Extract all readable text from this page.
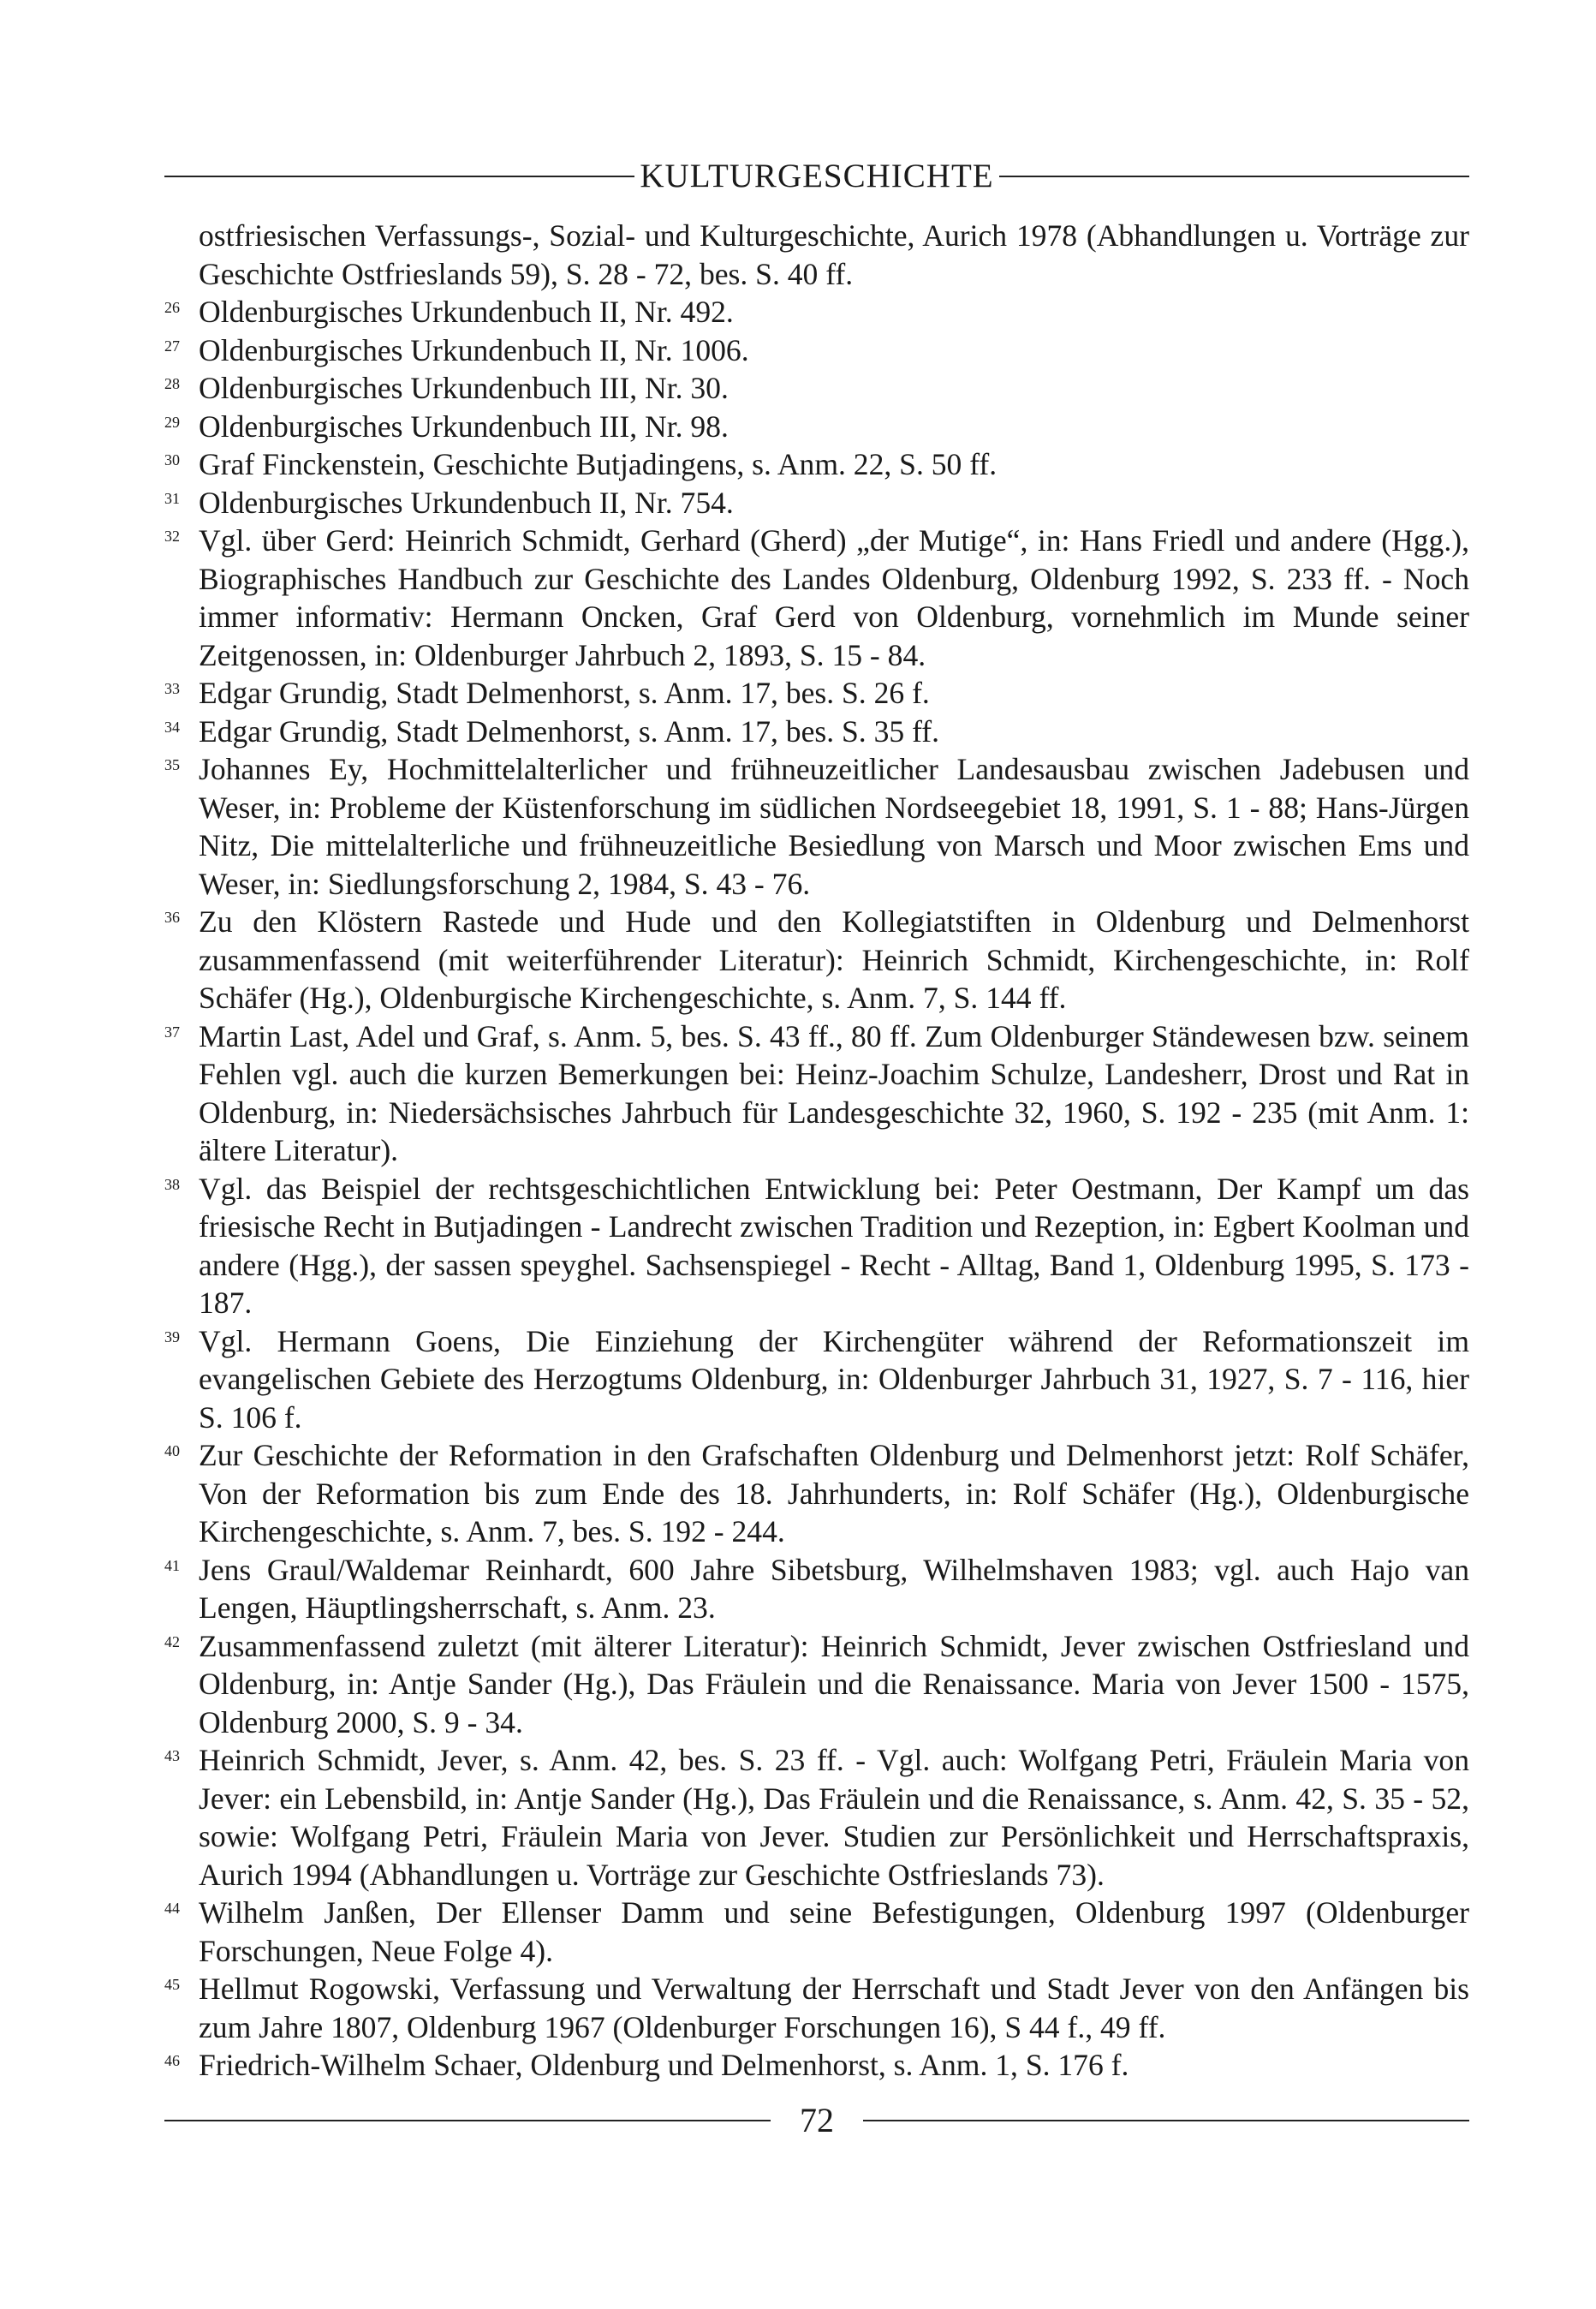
KULTURGESCHICHTE
ostfriesischen Verfassungs-, Sozial- und Kulturgeschichte, Aurich 1978 (Abhandlungen u. Vorträge zur Geschichte Ostfrieslands 59), S. 28 - 72, bes. S. 40 ff.
26 Oldenburgisches Urkundenbuch II, Nr. 492.
27 Oldenburgisches Urkundenbuch II, Nr. 1006.
28 Oldenburgisches Urkundenbuch III, Nr. 30.
29 Oldenburgisches Urkundenbuch III, Nr. 98.
30 Graf Finckenstein, Geschichte Butjadingens, s. Anm. 22, S. 50 ff.
31 Oldenburgisches Urkundenbuch II, Nr. 754.
32 Vgl. über Gerd: Heinrich Schmidt, Gerhard (Gherd) „der Mutige“, in: Hans Friedl und andere (Hgg.), Biographisches Handbuch zur Geschichte des Landes Oldenburg, Oldenburg 1992, S. 233 ff. - Noch immer informativ: Hermann Oncken, Graf Gerd von Oldenburg, vornehmlich im Munde seiner Zeitgenossen, in: Oldenburger Jahrbuch 2, 1893, S. 15 - 84.
33 Edgar Grundig, Stadt Delmenhorst, s. Anm. 17, bes. S. 26 f.
34 Edgar Grundig, Stadt Delmenhorst, s. Anm. 17, bes. S. 35 ff.
35 Johannes Ey, Hochmittelalterlicher und frühneuzeitlicher Landesausbau zwischen Jadebusen und Weser, in: Probleme der Küstenforschung im südlichen Nordseegebiet 18, 1991, S. 1 - 88; Hans-Jürgen Nitz, Die mittelalterliche und frühneuzeitliche Besiedlung von Marsch und Moor zwischen Ems und Weser, in: Siedlungsforschung 2, 1984, S. 43 - 76.
36 Zu den Klöstern Rastede und Hude und den Kollegiatstiften in Oldenburg und Delmenhorst zusammenfassend (mit weiterführender Literatur): Heinrich Schmidt, Kirchengeschichte, in: Rolf Schäfer (Hg.), Oldenburgische Kirchengeschichte, s. Anm. 7, S. 144 ff.
37 Martin Last, Adel und Graf, s. Anm. 5, bes. S. 43 ff., 80 ff. Zum Oldenburger Ständewesen bzw. seinem Fehlen vgl. auch die kurzen Bemerkungen bei: Heinz-Joachim Schulze, Landesherr, Drost und Rat in Oldenburg, in: Niedersächsisches Jahrbuch für Landesgeschichte 32, 1960, S. 192 - 235 (mit Anm. 1: ältere Literatur).
38 Vgl. das Beispiel der rechtsgeschichtlichen Entwicklung bei: Peter Oestmann, Der Kampf um das friesische Recht in Butjadingen - Landrecht zwischen Tradition und Rezeption, in: Egbert Koolman und andere (Hgg.), der sassen speyghel. Sachsenspiegel - Recht - Alltag, Band 1, Oldenburg 1995, S. 173 - 187.
39 Vgl. Hermann Goens, Die Einziehung der Kirchengüter während der Reformationszeit im evangelischen Gebiete des Herzogtums Oldenburg, in: Oldenburger Jahrbuch 31, 1927, S. 7 - 116, hier S. 106 f.
40 Zur Geschichte der Reformation in den Grafschaften Oldenburg und Delmenhorst jetzt: Rolf Schäfer, Von der Reformation bis zum Ende des 18. Jahrhunderts, in: Rolf Schäfer (Hg.), Oldenburgische Kirchengeschichte, s. Anm. 7, bes. S. 192 - 244.
41 Jens Graul/Waldemar Reinhardt, 600 Jahre Sibetsburg, Wilhelmshaven 1983; vgl. auch Hajo van Lengen, Häuptlingsherrschaft, s. Anm. 23.
42 Zusammenfassend zuletzt (mit älterer Literatur): Heinrich Schmidt, Jever zwischen Ostfriesland und Oldenburg, in: Antje Sander (Hg.), Das Fräulein und die Renaissance. Maria von Jever 1500 - 1575, Oldenburg 2000, S. 9 - 34.
43 Heinrich Schmidt, Jever, s. Anm. 42, bes. S. 23 ff. - Vgl. auch: Wolfgang Petri, Fräulein Maria von Jever: ein Lebensbild, in: Antje Sander (Hg.), Das Fräulein und die Renaissance, s. Anm. 42, S. 35 - 52, sowie: Wolfgang Petri, Fräulein Maria von Jever. Studien zur Persönlichkeit und Herrschaftspraxis, Aurich 1994 (Abhandlungen u. Vorträge zur Geschichte Ostfrieslands 73).
44 Wilhelm Janßen, Der Ellenser Damm und seine Befestigungen, Oldenburg 1997 (Oldenburger Forschungen, Neue Folge 4).
45 Hellmut Rogowski, Verfassung und Verwaltung der Herrschaft und Stadt Jever von den Anfängen bis zum Jahre 1807, Oldenburg 1967 (Oldenburger Forschungen 16), S 44 f., 49 ff.
46 Friedrich-Wilhelm Schaer, Oldenburg und Delmenhorst, s. Anm. 1, S. 176 f.
72
